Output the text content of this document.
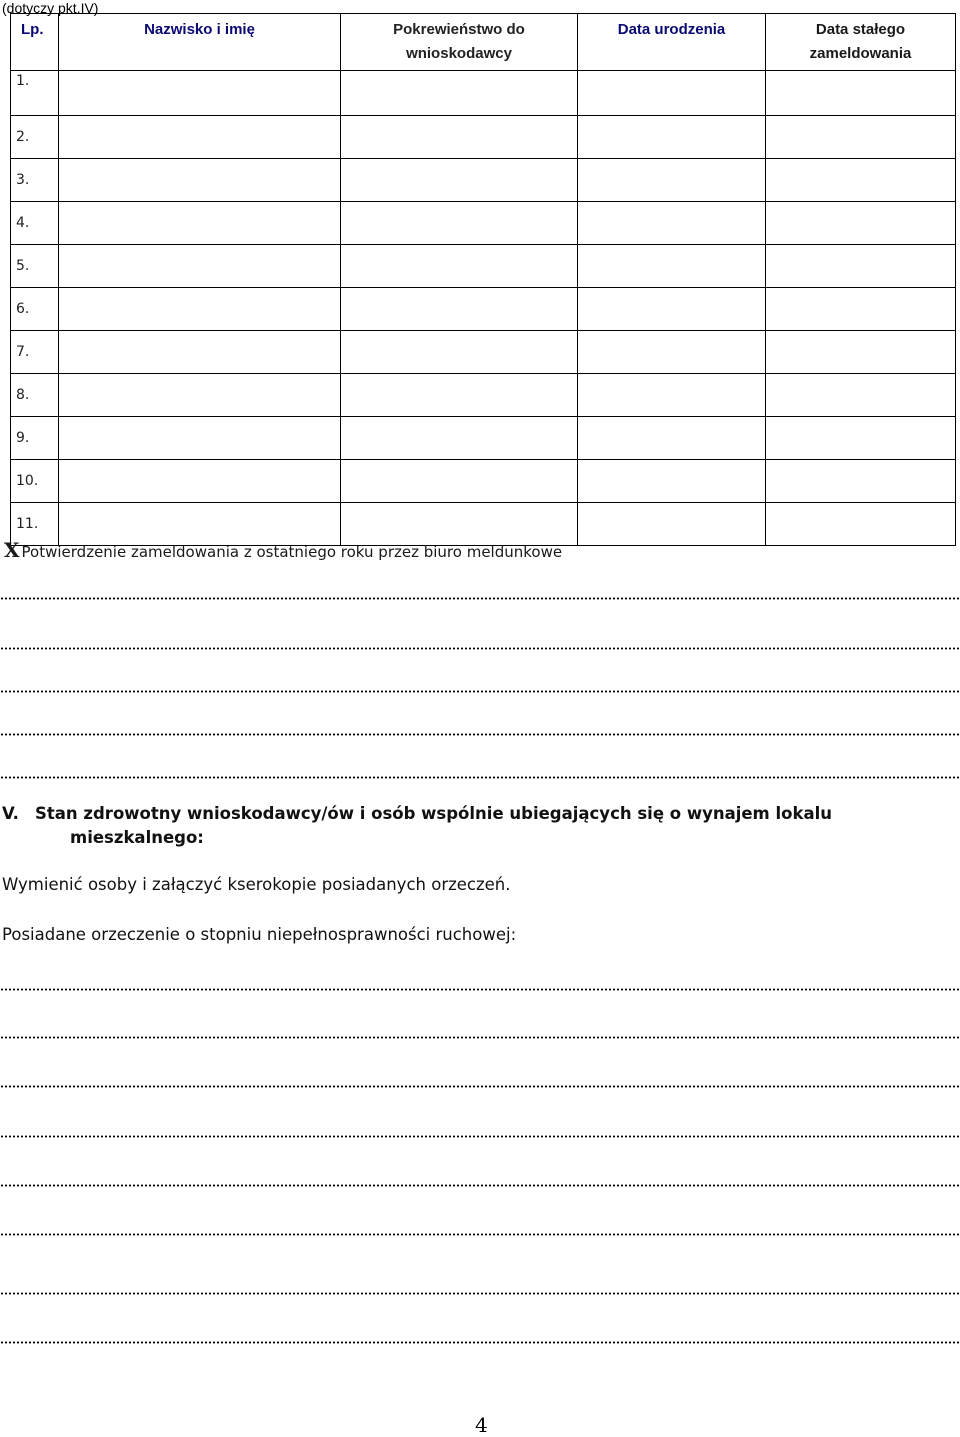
(dotyczy pkt.IV)
Lp.	Nazwisko i imię	Pokrewieństwo do wnioskodawcy	Data urodzenia	Data stałego zameldowania
1.				
2.				
3.				
4.				
5.				
6.				
7.				
8.				
9.				
10.				
11.				
X Potwierdzenie zameldowania z ostatniego roku przez biuro meldunkowe
V. Stan zdrowotny wnioskodawcy/ów i osób wspólnie ubiegających się o wynajem lokalu
mieszkalnego:
Wymienić osoby i załączyć kserokopie posiadanych orzeczeń.
Posiadane orzeczenie o stopniu niepełnosprawności ruchowej:
4
